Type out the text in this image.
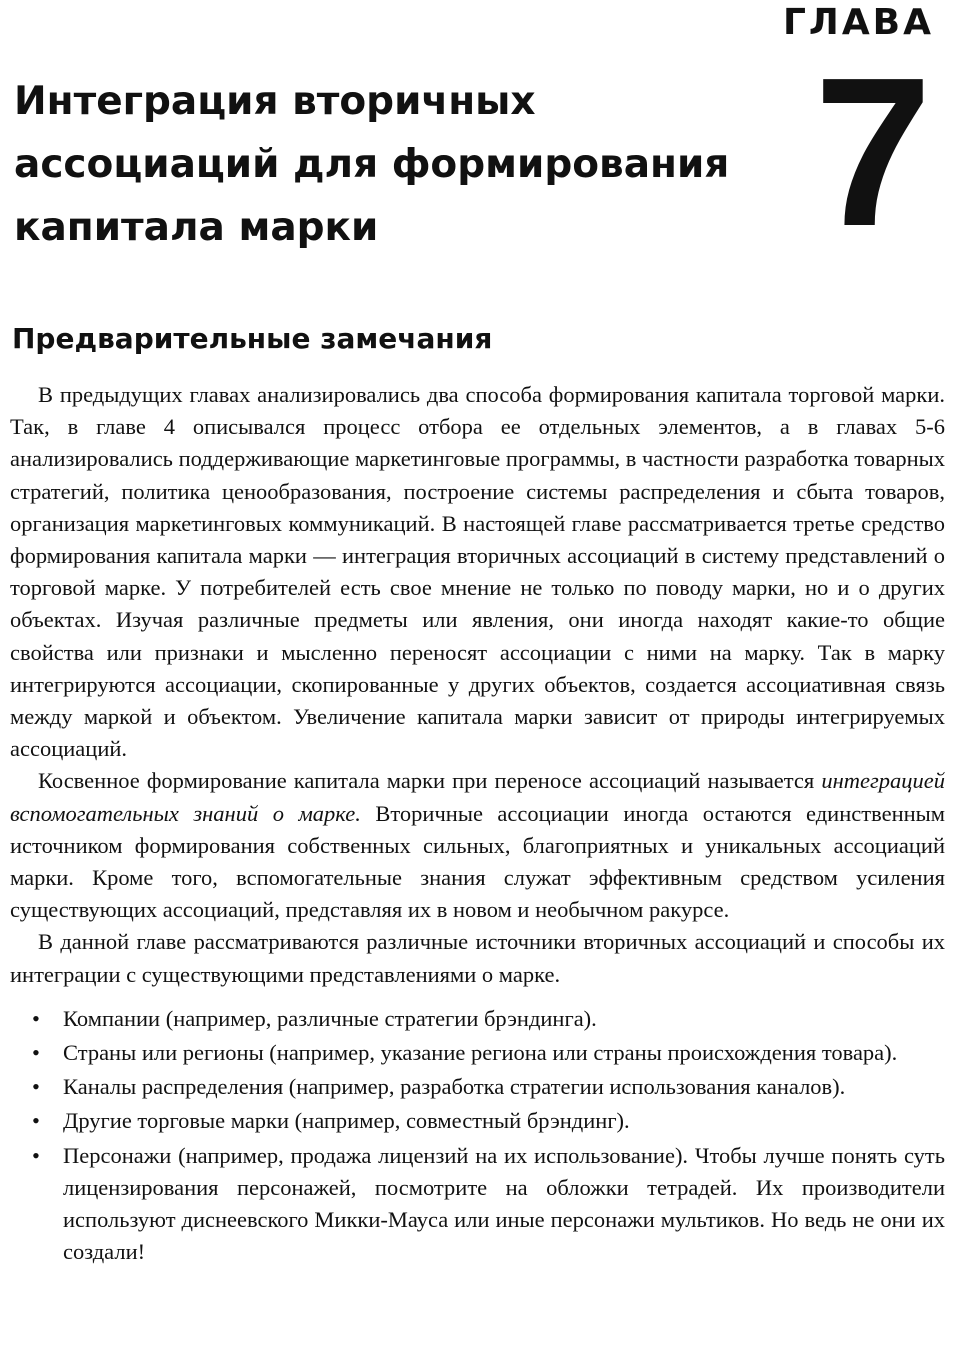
ГЛАВА
7
Интеграция вторичных
ассоциаций для формирования
капитала марки
Предварительные замечания

В предыдущих главах анализировались два способа формирования капитала торговой марки. Так, в главе 4 описывался процесс отбора ее отдельных элементов, а в главах 5-6 анализировались поддерживающие маркетинговые программы, в частности разработка товарных стратегий, политика ценообразования, построение системы распределения и сбыта товаров, организация маркетинговых коммуникаций. В настоящей главе рассматривается третье средство формирования капитала марки — интеграция вторичных ассоциаций в систему представлений о торговой марке. У потребителей есть свое мнение не только по поводу марки, но и о других объектах. Изучая различные предметы или явления, они иногда находят какие-то общие свойства или признаки и мысленно переносят ассоциации с ними на марку. Так в марку интегрируются ассоциации, скопированные у других объектов, создается ассоциативная связь между маркой и объектом. Увеличение капитала марки зависит от природы интегрируемых ассоциаций.

Косвенное формирование капитала марки при переносе ассоциаций называется интеграцией вспомогательных знаний о марке. Вторичные ассоциации иногда остаются единственным источником формирования собственных сильных, благоприятных и уникальных ассоциаций марки. Кроме того, вспомогательные знания служат эффективным средством усиления существующих ассоциаций, представляя их в новом и необычном ракурсе.

В данной главе рассматриваются различные источники вторичных ассоциаций и способы их интеграции с существующими представлениями о марке.

• Компании (например, различные стратегии брэндинга).
• Страны или регионы (например, указание региона или страны происхождения товара).
• Каналы распределения (например, разработка стратегии использования каналов).
• Другие торговые марки (например, совместный брэндинг).
• Персонажи (например, продажа лицензий на их использование). Чтобы лучше понять суть лицензирования персонажей, посмотрите на обложки тетрадей. Их производители используют диснеевского Микки-Мауса или иные персонажи мультиков. Но ведь не они их создали!
